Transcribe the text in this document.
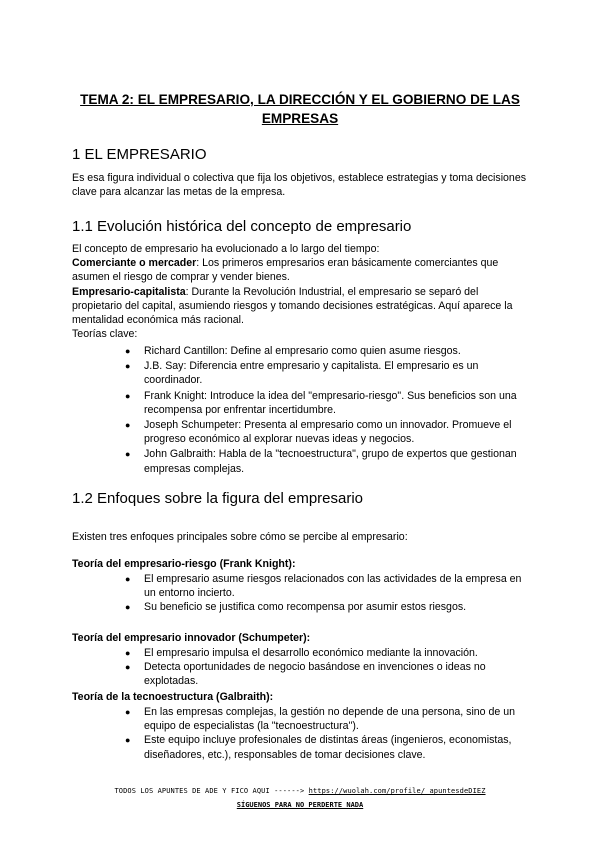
TEMA 2: EL EMPRESARIO, LA DIRECCIÓN Y EL GOBIERNO DE LAS EMPRESAS
1 EL EMPRESARIO

Es esa figura individual o colectiva que fija los objetivos, establece estrategias y toma decisiones clave para alcanzar las metas de la empresa.

1.1 Evolución histórica del concepto de empresario

El concepto de empresario ha evolucionado a lo largo del tiempo:

Comerciante o mercader: Los primeros empresarios eran básicamente comerciantes que asumen el riesgo de comprar y vender bienes.

Empresario-capitalista: Durante la Revolución Industrial, el empresario se separó del propietario del capital, asumiendo riesgos y tomando decisiones estratégicas. Aquí aparece la mentalidad económica más racional.

Teorías clave:

● Richard Cantillon: Define al empresario como quien asume riesgos.
● J.B. Say: Diferencia entre empresario y capitalista. El empresario es un coordinador.
● Frank Knight: Introduce la idea del "empresario-riesgo". Sus beneficios son una recompensa por enfrentar incertidumbre.
● Joseph Schumpeter: Presenta al empresario como un innovador. Promueve el progreso económico al explorar nuevas ideas y negocios.
● John Galbraith: Habla de la "tecnoestructura", grupo de expertos que gestionan empresas complejas.
1.2 Enfoques sobre la figura del empresario

Existen tres enfoques principales sobre cómo se percibe al empresario:

Teoría del empresario-riesgo (Frank Knight):
● El empresario asume riesgos relacionados con las actividades de la empresa en un entorno incierto.
● Su beneficio se justifica como recompensa por asumir estos riesgos.
Teoría del empresario innovador (Schumpeter):
● El empresario impulsa el desarrollo económico mediante la innovación.
● Detecta oportunidades de negocio basándose en invenciones o ideas no explotadas.
Teoría de la tecnoestructura (Galbraith):
● En las empresas complejas, la gestión no depende de una persona, sino de un equipo de especialistas (la "tecnoestructura").
● Este equipo incluye profesionales de distintas áreas (ingenieros, economistas, diseñadores, etc.), responsables de tomar decisiones clave.
TODOS LOS APUNTES DE ADE Y FICO AQUI ------> https://wuolah.com/profile/_apuntesdeDIEZ
SÍGUENOS PARA NO PERDERTE NADA
